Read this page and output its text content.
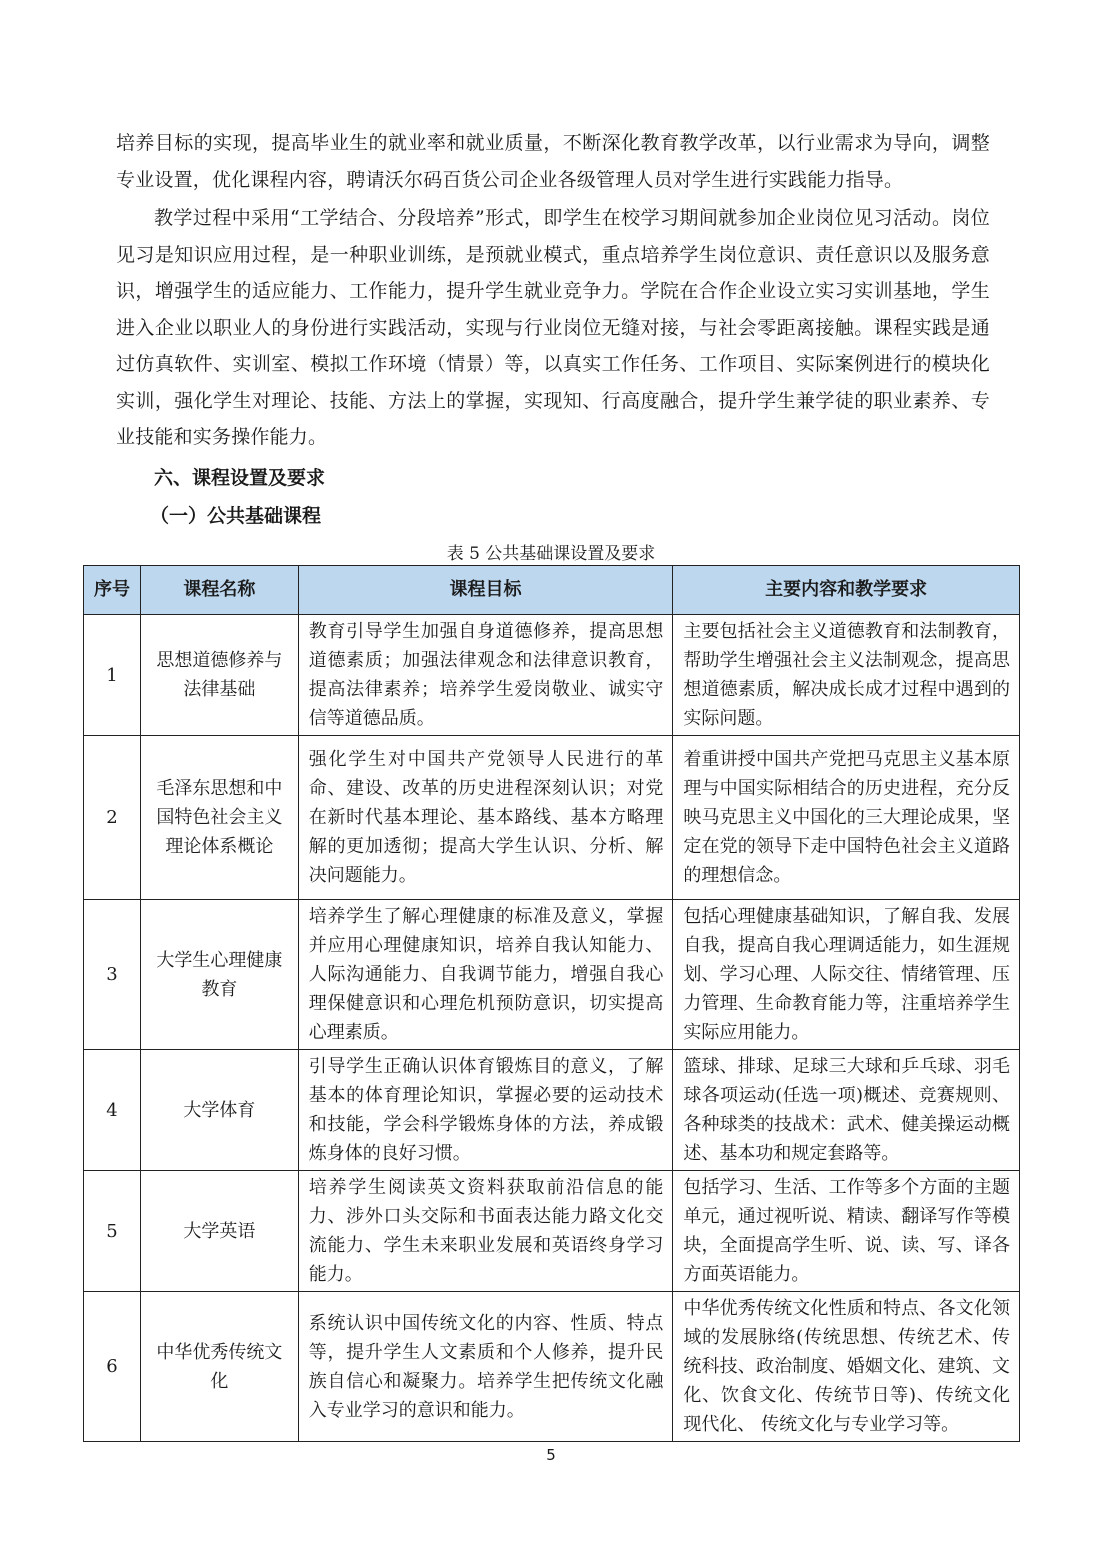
培养目标的实现，提高毕业生的就业率和就业质量，不断深化教育教学改革，以行业需求为导向，调整专业设置，优化课程内容，聘请沃尔码百货公司企业各级管理人员对学生进行实践能力指导。

教学过程中采用“工学结合、分段培养”形式，即学生在校学习期间就参加企业岗位见习活动。岗位见习是知识应用过程，是一种职业训练，是预就业模式，重点培养学生岗位意识、责任意识以及服务意识，增强学生的适应能力、工作能力，提升学生就业竞争力。学院在合作企业设立实习实训基地，学生进入企业以职业人的身份进行实践活动，实现与行业岗位无缝对接，与社会零距离接触。课程实践是通过仿真软件、实训室、模拟工作环境（情景）等，以真实工作任务、工作项目、实际案例进行的模块化实训，强化学生对理论、技能、方法上的掌握，实现知、行高度融合，提升学生兼学徒的职业素养、专业技能和实务操作能力。

六、课程设置及要求
（一）公共基础课程

表 5 公共基础课设置及要求

序号	课程名称	课程目标	主要内容和教学要求
1	思想道德修养与法律基础	教育引导学生加强自身道德修养，提高思想道德素质；加强法律观念和法律意识教育，提高法律素养；培养学生爱岗敬业、诚实守信等道德品质。	主要包括社会主义道德教育和法制教育，帮助学生增强社会主义法制观念，提高思想道德素质，解决成长成才过程中遇到的实际问题。
2	毛泽东思想和中国特色社会主义理论体系概论	强化学生对中国共产党领导人民进行的革命、建设、改革的历史进程深刻认识；对党在新时代基本理论、基本路线、基本方略理解的更加透彻；提高大学生认识、分析、解决问题能力。	着重讲授中国共产党把马克思主义基本原理与中国实际相结合的历史进程，充分反映马克思主义中国化的三大理论成果，坚定在党的领导下走中国特色社会主义道路的理想信念。
3	大学生心理健康教育	培养学生了解心理健康的标准及意义，掌握并应用心理健康知识，培养自我认知能力、人际沟通能力、自我调节能力，增强自我心理保健意识和心理危机预防意识，切实提高心理素质。	包括心理健康基础知识，了解自我、发展自我，提高自我心理调适能力，如生涯规划、学习心理、人际交往、情绪管理、压力管理、生命教育能力等，注重培养学生实际应用能力。
4	大学体育	引导学生正确认识体育锻炼目的意义，了解基本的体育理论知识，掌握必要的运动技术和技能，学会科学锻炼身体的方法，养成锻炼身体的良好习惯。	篮球、排球、足球三大球和乒乓球、羽毛球各项运动(任选一项)概述、竞赛规则、各种球类的技战术：武术、健美操运动概述、基本功和规定套路等。
5	大学英语	培养学生阅读英文资料获取前沿信息的能力、涉外口头交际和书面表达能力路文化交流能力、学生未来职业发展和英语终身学习能力。	包括学习、生活、工作等多个方面的主题单元，通过视听说、精读、翻译写作等模块，全面提高学生听、说、读、写、译各方面英语能力。
6	中华优秀传统文化	系统认识中国传统文化的内容、性质、特点等，提升学生人文素质和个人修养，提升民族自信心和凝聚力。培养学生把传统文化融入专业学习的意识和能力。	中华优秀传统文化性质和特点、各文化领域的发展脉络(传统思想、传统艺术、传统科技、政治制度、婚姻文化、建筑、文化、饮食文化、传统节日等)、传统文化现代化、 传统文化与专业学习等。

5
